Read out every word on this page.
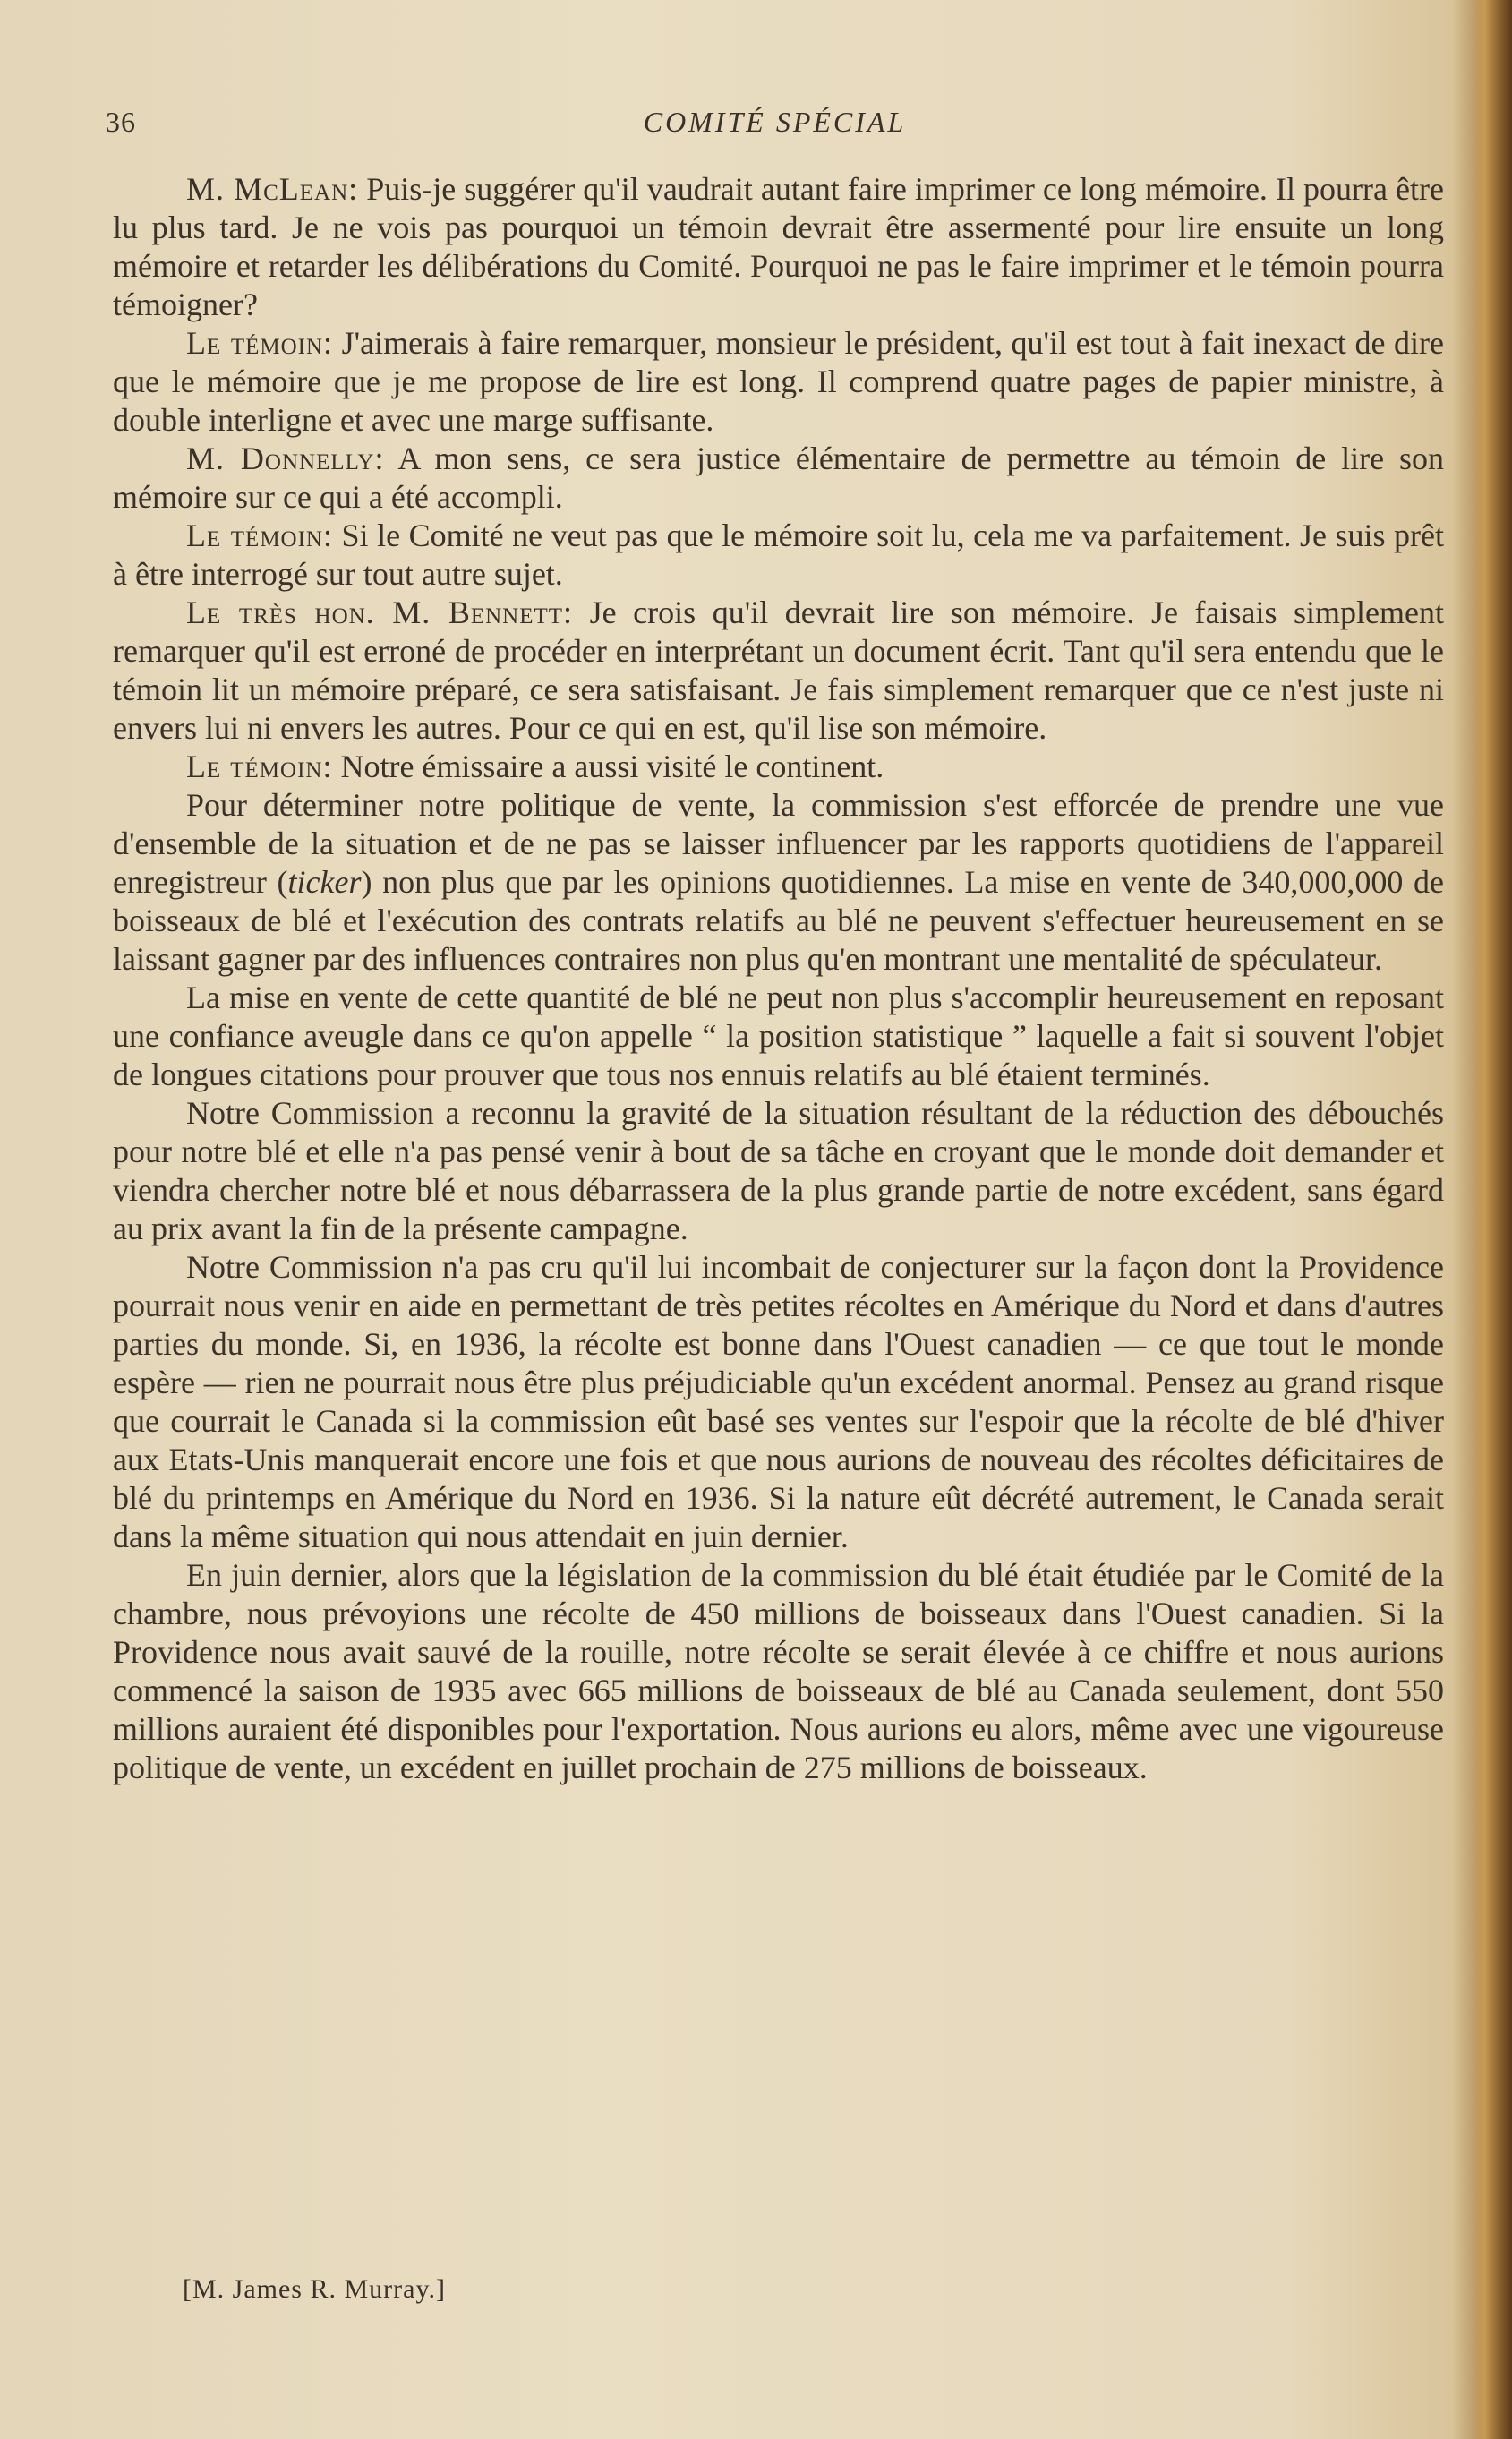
36	COMITÉ SPÉCIAL

M. McLean: Puis-je suggérer qu'il vaudrait autant faire imprimer ce long mémoire. Il pourra être lu plus tard. Je ne vois pas pourquoi un témoin devrait être assermenté pour lire ensuite un long mémoire et retarder les délibérations du Comité. Pourquoi ne pas le faire imprimer et le témoin pourra témoigner?

Le témoin: J'aimerais à faire remarquer, monsieur le président, qu'il est tout à fait inexact de dire que le mémoire que je me propose de lire est long. Il comprend quatre pages de papier ministre, à double interligne et avec une marge suffisante.

M. Donnelly: A mon sens, ce sera justice élémentaire de permettre au témoin de lire son mémoire sur ce qui a été accompli.

Le témoin: Si le Comité ne veut pas que le mémoire soit lu, cela me va parfaitement. Je suis prêt à être interrogé sur tout autre sujet.

Le très hon. M. Bennett: Je crois qu'il devrait lire son mémoire. Je faisais simplement remarquer qu'il est erroné de procéder en interprétant un document écrit. Tant qu'il sera entendu que le témoin lit un mémoire préparé, ce sera satisfaisant. Je fais simplement remarquer que ce n'est juste ni envers lui ni envers les autres. Pour ce qui en est, qu'il lise son mémoire.

Le témoin: Notre émissaire a aussi visité le continent.

Pour déterminer notre politique de vente, la commission s'est efforcée de prendre une vue d'ensemble de la situation et de ne pas se laisser influencer par les rapports quotidiens de l'appareil enregistreur (ticker) non plus que par les opinions quotidiennes. La mise en vente de 340,000,000 de boisseaux de blé et l'exécution des contrats relatifs au blé ne peuvent s'effectuer heureusement en se laissant gagner par des influences contraires non plus qu'en montrant une mentalité de spéculateur.

La mise en vente de cette quantité de blé ne peut non plus s'accomplir heureusement en reposant une confiance aveugle dans ce qu'on appelle “ la position statistique ” laquelle a fait si souvent l'objet de longues citations pour prouver que tous nos ennuis relatifs au blé étaient terminés.

Notre Commission a reconnu la gravité de la situation résultant de la réduction des débouchés pour notre blé et elle n'a pas pensé venir à bout de sa tâche en croyant que le monde doit demander et viendra chercher notre blé et nous débarrassera de la plus grande partie de notre excédent, sans égard au prix avant la fin de la présente campagne.

Notre Commission n'a pas cru qu'il lui incombait de conjecturer sur la façon dont la Providence pourrait nous venir en aide en permettant de très petites récoltes en Amérique du Nord et dans d'autres parties du monde. Si, en 1936, la récolte est bonne dans l'Ouest canadien — ce que tout le monde espère — rien ne pourrait nous être plus préjudiciable qu'un excédent anormal. Pensez au grand risque que courrait le Canada si la commission eût basé ses ventes sur l'espoir que la récolte de blé d'hiver aux Etats-Unis manquerait encore une fois et que nous aurions de nouveau des récoltes déficitaires de blé du printemps en Amérique du Nord en 1936. Si la nature eût décrété autrement, le Canada serait dans la même situation qui nous attendait en juin dernier.

En juin dernier, alors que la législation de la commission du blé était étudiée par le Comité de la chambre, nous prévoyions une récolte de 450 millions de boisseaux dans l'Ouest canadien. Si la Providence nous avait sauvé de la rouille, notre récolte se serait élevée à ce chiffre et nous aurions commencé la saison de 1935 avec 665 millions de boisseaux de blé au Canada seulement, dont 550 millions auraient été disponibles pour l'exportation. Nous aurions eu alors, même avec une vigoureuse politique de vente, un excédent en juillet prochain de 275 millions de boisseaux.

[M. James R. Murray.]
